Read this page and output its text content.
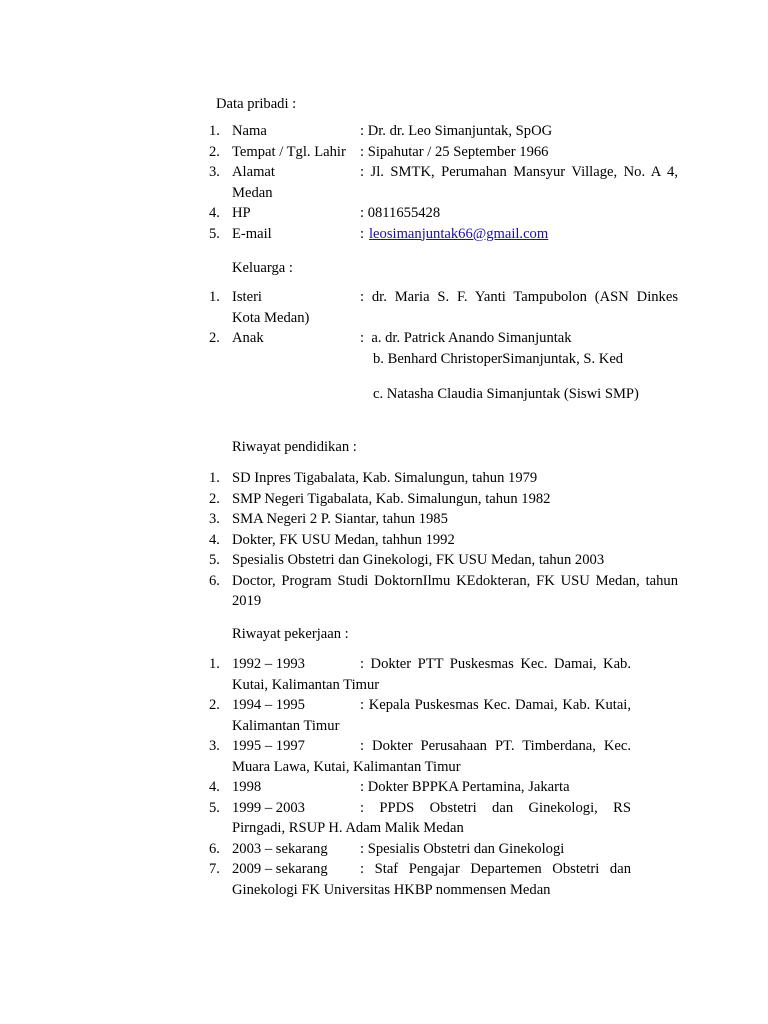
Data pribadi :
1. Nama	: Dr. dr. Leo Simanjuntak, SpOG
2. Tempat / Tgl. Lahir : Sipahutar / 25 September 1966
3. Alamat	: Jl. SMTK, Perumahan Mansyur Village, No. A 4,
Medan
4. HP	: 0811655428
5. E-mail	: leosimanjuntak66@gmail.com
Keluarga :
1. Isteri	: dr. Maria S. F. Yanti Tampubolon (ASN Dinkes
Kota Medan)
2. Anak	:  a. dr. Patrick Anando Simanjuntak
b. Benhard ChristoperSimanjuntak, S. Ked
c. Natasha Claudia Simanjuntak (Siswi SMP)
Riwayat pendidikan :
1. SD Inpres Tigabalata, Kab. Simalungun, tahun 1979
2. SMP Negeri Tigabalata, Kab. Simalungun, tahun 1982
3. SMA Negeri 2 P. Siantar, tahun 1985
4. Dokter, FK USU Medan, tahhun 1992
5. Spesialis Obstetri dan Ginekologi, FK USU Medan, tahun 2003
6. Doctor, Program Studi DoktornIlmu KEdokteran, FK USU Medan, tahun
2019
Riwayat pekerjaan :
1. 1992 – 1993	: Dokter PTT Puskesmas Kec. Damai, Kab.
Kutai, Kalimantan Timur
2. 1994 – 1995	: Kepala Puskesmas Kec. Damai, Kab. Kutai,
Kalimantan Timur
3. 1995 – 1997	: Dokter Perusahaan PT. Timberdana, Kec.
Muara Lawa, Kutai, Kalimantan Timur
4. 1998	: Dokter BPPKA Pertamina, Jakarta
5. 1999 – 2003	: PPDS Obstetri dan Ginekologi, RS
Pirngadi, RSUP H. Adam Malik Medan
6. 2003 – sekarang : Spesialis Obstetri dan Ginekologi
7. 2009 – sekarang : Staf Pengajar Departemen Obstetri dan
Ginekologi FK Universitas HKBP nommensen Medan
